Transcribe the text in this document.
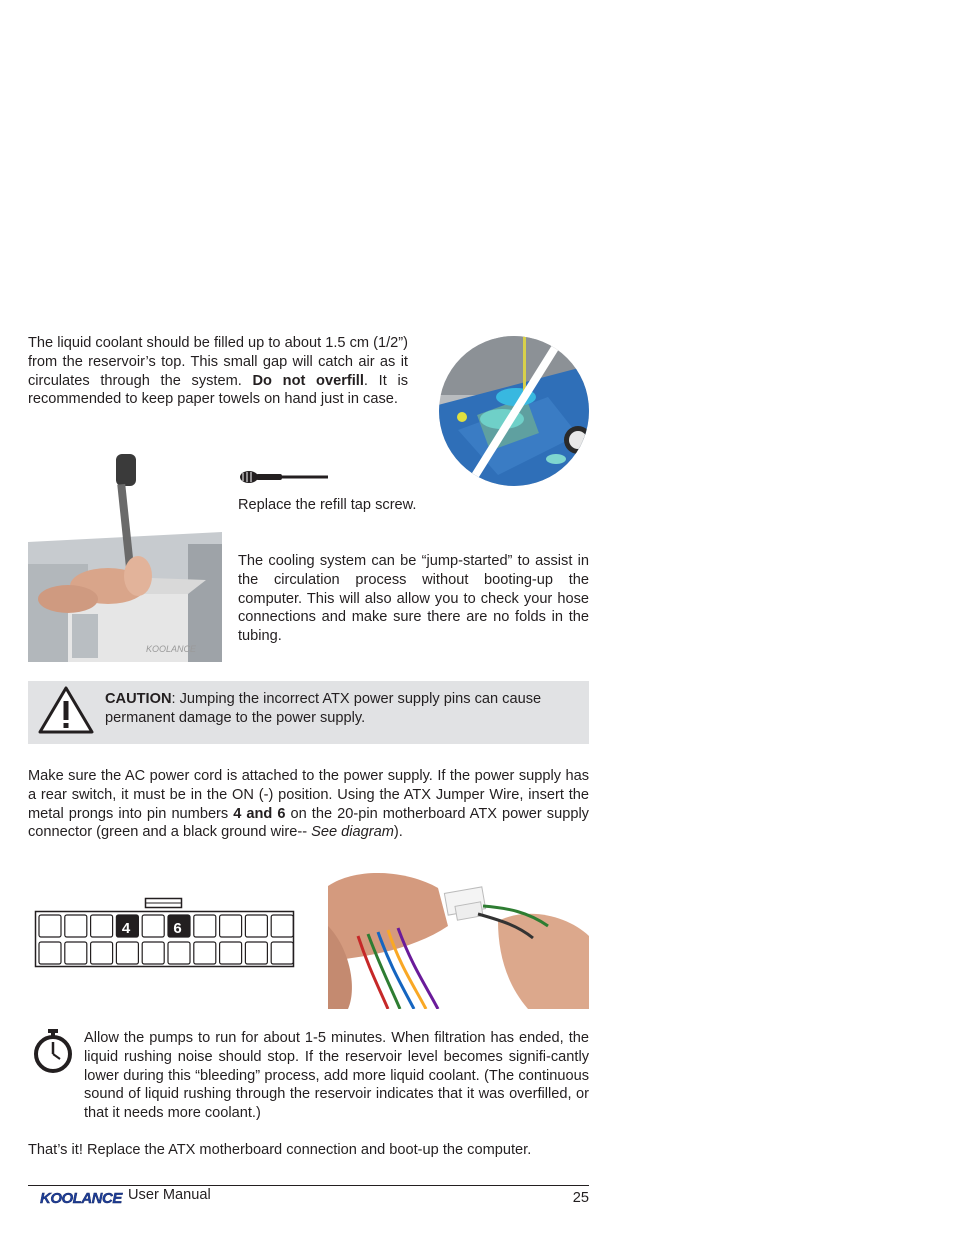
The liquid coolant should be filled up to about 1.5 cm (1/2”) from the reservoir’s top. This small gap will catch air as it circulates through the system. Do not overfill. It is recommended to keep paper towels on hand just in case.

KOOLANCE

Replace the refill tap screw.

The cooling system can be “jump-started” to assist in the circulation process without booting-up the computer. This will also allow you to check your hose connections and make sure there are no folds in the tubing.

CAUTION: Jumping the incorrect ATX power supply pins can cause permanent damage to the power supply.

Make sure the AC power cord is attached to the power supply. If the power supply has a rear switch, it must be in the ON (-) position. Using the ATX Jumper Wire, insert the metal prongs into pin numbers 4 and 6 on the 20-pin motherboard ATX power supply connector (green and a black ground wire-- See diagram).

4	6

Allow the pumps to run for about 1-5 minutes. When filtration has ended, the liquid rushing noise should stop. If the reservoir level becomes signifi-cantly lower during this “bleeding” process, add more liquid coolant. (The continuous sound of liquid rushing through the reservoir indicates that it was overfilled, or that it needs more coolant.)

That’s it! Replace the ATX motherboard connection and boot-up the computer.

KOOLANCE User Manual	25
